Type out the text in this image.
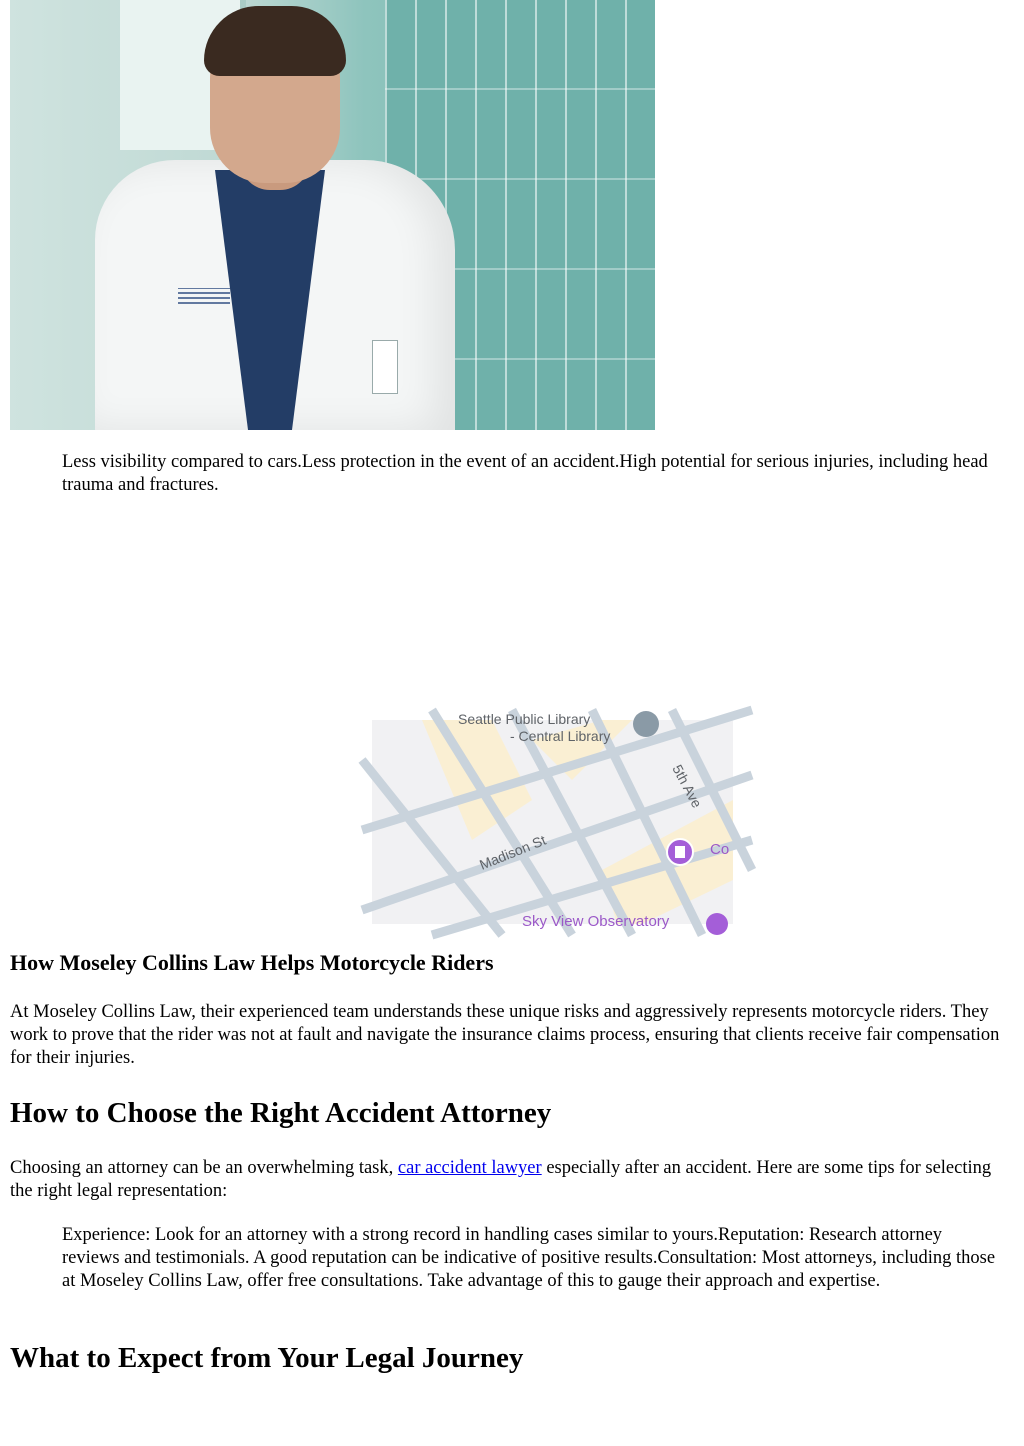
Less visibility compared to cars.Less protection in the event of an accident.High potential for serious injuries, including head trauma and fractures.

Madison St
5th Ave
Seattle Public Library
- Central Library
Co
Sky View Observatory
How Moseley Collins Law Helps Motorcycle Riders

At Moseley Collins Law, their experienced team understands these unique risks and aggressively represents motorcycle riders. They work to prove that the rider was not at fault and navigate the insurance claims process, ensuring that clients receive fair compensation for their injuries.

How to Choose the Right Accident Attorney

Choosing an attorney can be an overwhelming task, car accident lawyer especially after an accident. Here are some tips for selecting the right legal representation:

Experience: Look for an attorney with a strong record in handling cases similar to yours.Reputation: Research attorney reviews and testimonials. A good reputation can be indicative of positive results.Consultation: Most attorneys, including those at Moseley Collins Law, offer free consultations. Take advantage of this to gauge their approach and expertise.

What to Expect from Your Legal Journey
